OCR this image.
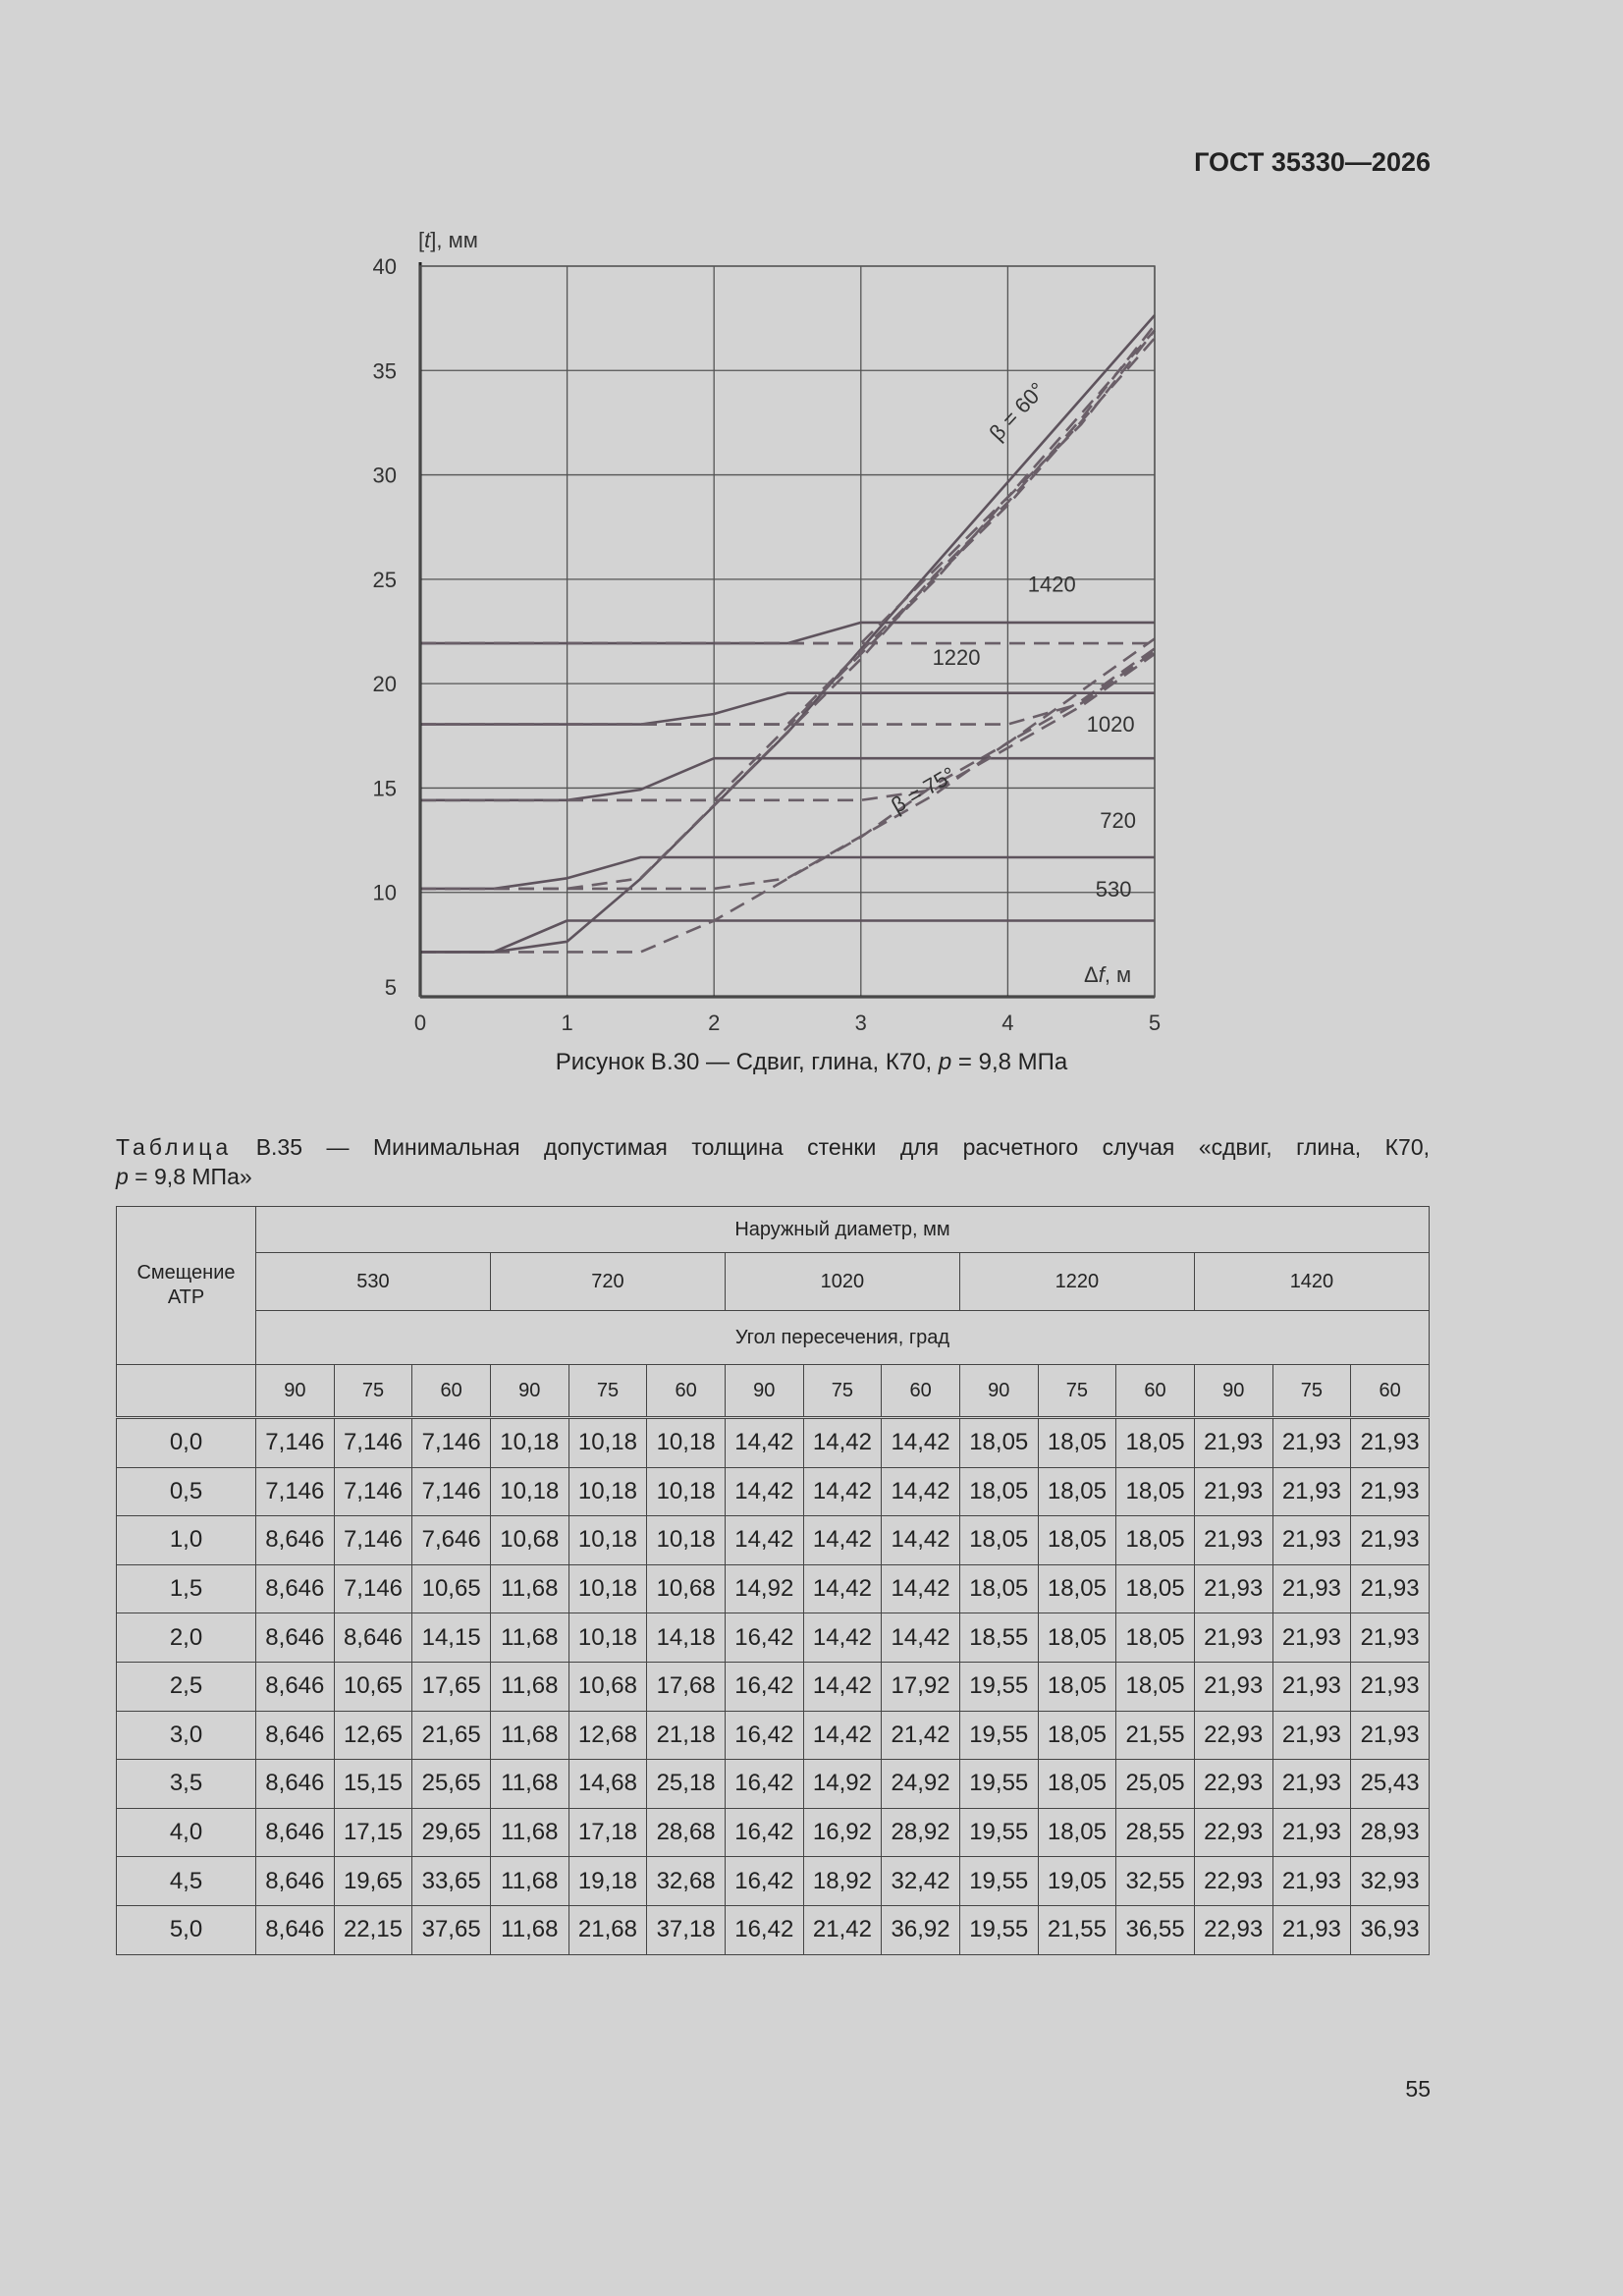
ГОСТ 35330—2026
[t], мм
Δf, м
0	1	2	3	4	5
5
10
15
20
25
30
35
40
1420
1220
1020
720
530
β = 60°
β = 75°
Рисунок В.30 — Сдвиг, глина, К70, p = 9,8 МПа
Таблица В.35 — Минимальная допустимая толщина стенки для расчетного случая «сдвиг, глина, К70,
p = 9,8 МПа»
Смещение АТР	Наружный диаметр, мм														
	530			720			1020			1220			1420		
	Угол пересечения, град														
	90	75	60	90	75	60	90	75	60	90	75	60	90	75	60
0,0	7,146	7,146	7,146	10,18	10,18	10,18	14,42	14,42	14,42	18,05	18,05	18,05	21,93	21,93	21,93
0,5	7,146	7,146	7,146	10,18	10,18	10,18	14,42	14,42	14,42	18,05	18,05	18,05	21,93	21,93	21,93
1,0	8,646	7,146	7,646	10,68	10,18	10,18	14,42	14,42	14,42	18,05	18,05	18,05	21,93	21,93	21,93
1,5	8,646	7,146	10,65	11,68	10,18	10,68	14,92	14,42	14,42	18,05	18,05	18,05	21,93	21,93	21,93
2,0	8,646	8,646	14,15	11,68	10,18	14,18	16,42	14,42	14,42	18,55	18,05	18,05	21,93	21,93	21,93
2,5	8,646	10,65	17,65	11,68	10,68	17,68	16,42	14,42	17,92	19,55	18,05	18,05	21,93	21,93	21,93
3,0	8,646	12,65	21,65	11,68	12,68	21,18	16,42	14,42	21,42	19,55	18,05	21,55	22,93	21,93	21,93
3,5	8,646	15,15	25,65	11,68	14,68	25,18	16,42	14,92	24,92	19,55	18,05	25,05	22,93	21,93	25,43
4,0	8,646	17,15	29,65	11,68	17,18	28,68	16,42	16,92	28,92	19,55	18,05	28,55	22,93	21,93	28,93
4,5	8,646	19,65	33,65	11,68	19,18	32,68	16,42	18,92	32,42	19,55	19,05	32,55	22,93	21,93	32,93
5,0	8,646	22,15	37,65	11,68	21,68	37,18	16,42	21,42	36,92	19,55	21,55	36,55	22,93	21,93	36,93
55
